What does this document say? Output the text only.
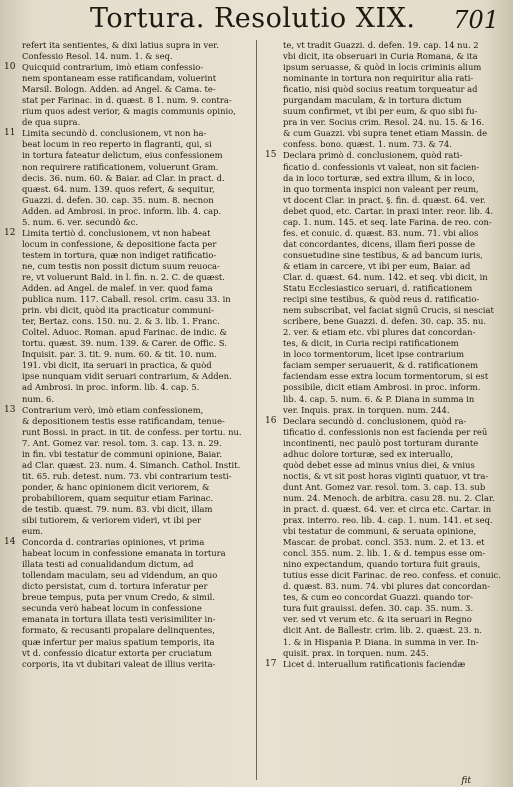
Tortura. Resolutio XIX. 701
refert ita sentientes, & dixi latius supra in ver.
Confessio Resol. 14. num. 1. & seq.
10 Quicquid contrarium, imò etiam confessio-
nem spontaneam esse ratificandam, voluerint
Marsil. Bologn. Adden. ad Angel. & Cama. te-
stat per Farinac. in d. quæst. 8 1. num. 9. contra-
rium quos adest verior, & magis communis opinio,
de qua supra.
11 Limita secundò d. conclusionem, vt non ha-
beat locum in reo reperto in flagranti, qui, si
in tortura fateatur delictum, eius confessionem
non requirere ratificationem, voluerunt Gram.
decis. 36. num. 60. & Baiar. ad Clar. in pract. d.
quæst. 64. num. 139. quos refert, & sequitur,
Guazzi. d. defen. 30. cap. 35. num. 8. necnon
Adden. ad Ambrosi. in proc. inform. lib. 4. cap.
5. num. 6. ver. secundò &c.
12 Limita tertiò d. conclusionem, vt non habeat
locum in confessione, & depositione facta per
testem in tortura, quæ non indiget ratificatio-
ne, cum testis non possit dictum suum reuoca-
re, vt voluerunt Bald. in l. fin. n. 2. C. de quæst.
Adden. ad Angel. de malef. in ver. quod fama
publica num. 117. Caball. resol. crim. casu 33. in
prin. vbi dicit, quòd ita practicatur communi-
ter, Bertaz. cons. 150. nu. 2. & 3. lib. 1. Franc.
Coltel. Aduoc. Roman. apud Farinac. de indic. &
tortu. quæst. 39. num. 139. & Carer. de Offic. S.
Inquisit. par. 3. tit. 9. num. 60. & tit. 10. num.
191. vbi dicit, ita seruari in practica, & quòd
ipse nunquam vidit seruari contrarium, & Adden.
ad Ambrosi. in proc. inform. lib. 4. cap. 5.
num. 6.
13 Contrarium verò, imò etiam confessionem,
& depositionem testis esse ratificandam, tenue-
runt Bossi. in pract. in tit. de confess. per tortu. nu.
7. Ant. Gomez var. resol. tom. 3. cap. 13. n. 29.
in fin. vbi testatur de communi opinione, Baiar.
ad Clar. quæst. 23. num. 4. Simanch. Cathol. Instit.
tit. 65. rub. detest. num. 73. vbi contrarium testi-
ponder, & hanc opinionem dicit veriorem, &
probabiliorem, quam sequitur etiam Farinac.
de testib. quæst. 79. num. 83. vbi dicit, illam
sibi tutiorem, & veriorem videri, vt ibi per
eum.
14 Concorda d. contrarias opiniones, vt prima
habeat locum in confessione emanata in tortura
illata testi ad conualidandum dictum, ad
tollendam maculam, seu ad videndum, an quo
dicto persistat, cum d. tortura inferatur per
breue tempus, puta per vnum Credo, & simil.
secunda verò habeat locum in confessione
emanata in tortura illata testi verisimiliter in-
formato, & recusanti propalare delinquentes,
quæ infertur per maius spatium temporis, ita
vt d. confessio dicatur extorta per cruciatum
corporis, ita vt dubitari valeat de illius verita-
te, vt tradit Guazzi. d. defen. 19. cap. 14 nu. 2
vbi dicit, ita obseruari in Curia Romana, & ita
ipsum seruasse, & quòd in locis criminis alium
nominante in tortura non requiritur alia rati-
ficatio, nisi quòd socius reatum torqueatur ad
purgandam maculam, & in tortura dictum
suum confirmet, vt ibi per eum, & quo sibi fu-
pra in ver. Socius crim. Resol. 24. nu. 15. & 16.
& cum Guazzi. vbi supra tenet etiam Massin. de
confess. bono. quæst. 1. num. 73. & 74.
15 Declara primò d. conclusionem, quòd rati-
ficatio d. confessionis vt valeat, non sit facien-
da in loco torturæ, sed extra illum, & in loco,
in quo tormenta inspici non valeant per reum,
vt docent Clar. in pract. §. fin. d. quæst. 64. ver.
debet quod, etc. Cartar. in praxi inter. reor. lib. 4.
cap. 1. num. 145. et seq. late Farina. de reo. con-
fes. et conuic. d. quæst. 83. num. 71. vbi alios
dat concordantes, dicens, illam fieri posse de
consuetudine sine testibus, & ad bancum iuris,
& etiam in carcere, vt ibi per eum, Baiar. ad
Clar. d. quæst. 64. num. 142. et seq. vbi dicit, in
Statu Ecclesiastico seruari, d. ratificationem
recipi sine testibus, & quòd reus d. ratificatio-
nem subscribat, vel faciat signū Crucis, si nesciat
scribere, bene Guazzi. d. defen. 30. cap. 35. nu.
2. ver. & etiam etc. vbi plures dat concordan-
tes, & dicit, in Curia recipi ratificationem
in loco tormentorum, licet ipse contrarium
faciam semper seruauerit, & d. ratificationem
faciendam esse extra locum tormentorum, si est
possibile, dicit etiam Ambrosi. in proc. inform.
lib. 4. cap. 5. num. 6. & P. Diana in summa in
ver. Inquis. prax. in torquen. num. 244.
16 Declara secundò d. conclusionem, quòd ra-
tificatio d. confessionis non est facienda per reū
incontinenti, nec paulò post torturam durante
adhuc dolore torturæ, sed ex interuallo,
quòd debet esse ad minus vnius diei, & vnius
noctis, & vt sit post horas viginti quatuor, vt tra-
dunt Ant. Gomez var. resol. tom. 3. cap. 13. sub
num. 24. Menoch. de arbitra. casu 28. nu. 2. Clar.
in pract. d. quæst. 64. ver. et circa etc. Cartar. in
prax. interro. reo. lib. 4. cap. 1. num. 141. et seq.
vbi testatur de communi, & seruata opinione,
Mascar. de probat. concl. 353. num. 2. et 13. et
concl. 355. num. 2. lib. 1. & d. tempus esse om-
nino expectandum, quando tortura fuit grauis,
tutius esse dicit Farinac. de reo. confess. et conuic.
d. quæst. 83. num. 74. vbi plures dat concordan-
tes, & cum eo concordat Guazzi. quando tor-
tura fuit grauissi. defen. 30. cap. 35. num. 3.
ver. sed vt verum etc. & ita seruari in Regno
dicit Ant. de Ballestr. crim. lib. 2. quæst. 23. n.
1. & in Hispania P. Diana. in summa in ver. In-
quisit. prax. in torquen. num. 245.
17 Licet d. interuallum ratificationis faciendæ
fit
